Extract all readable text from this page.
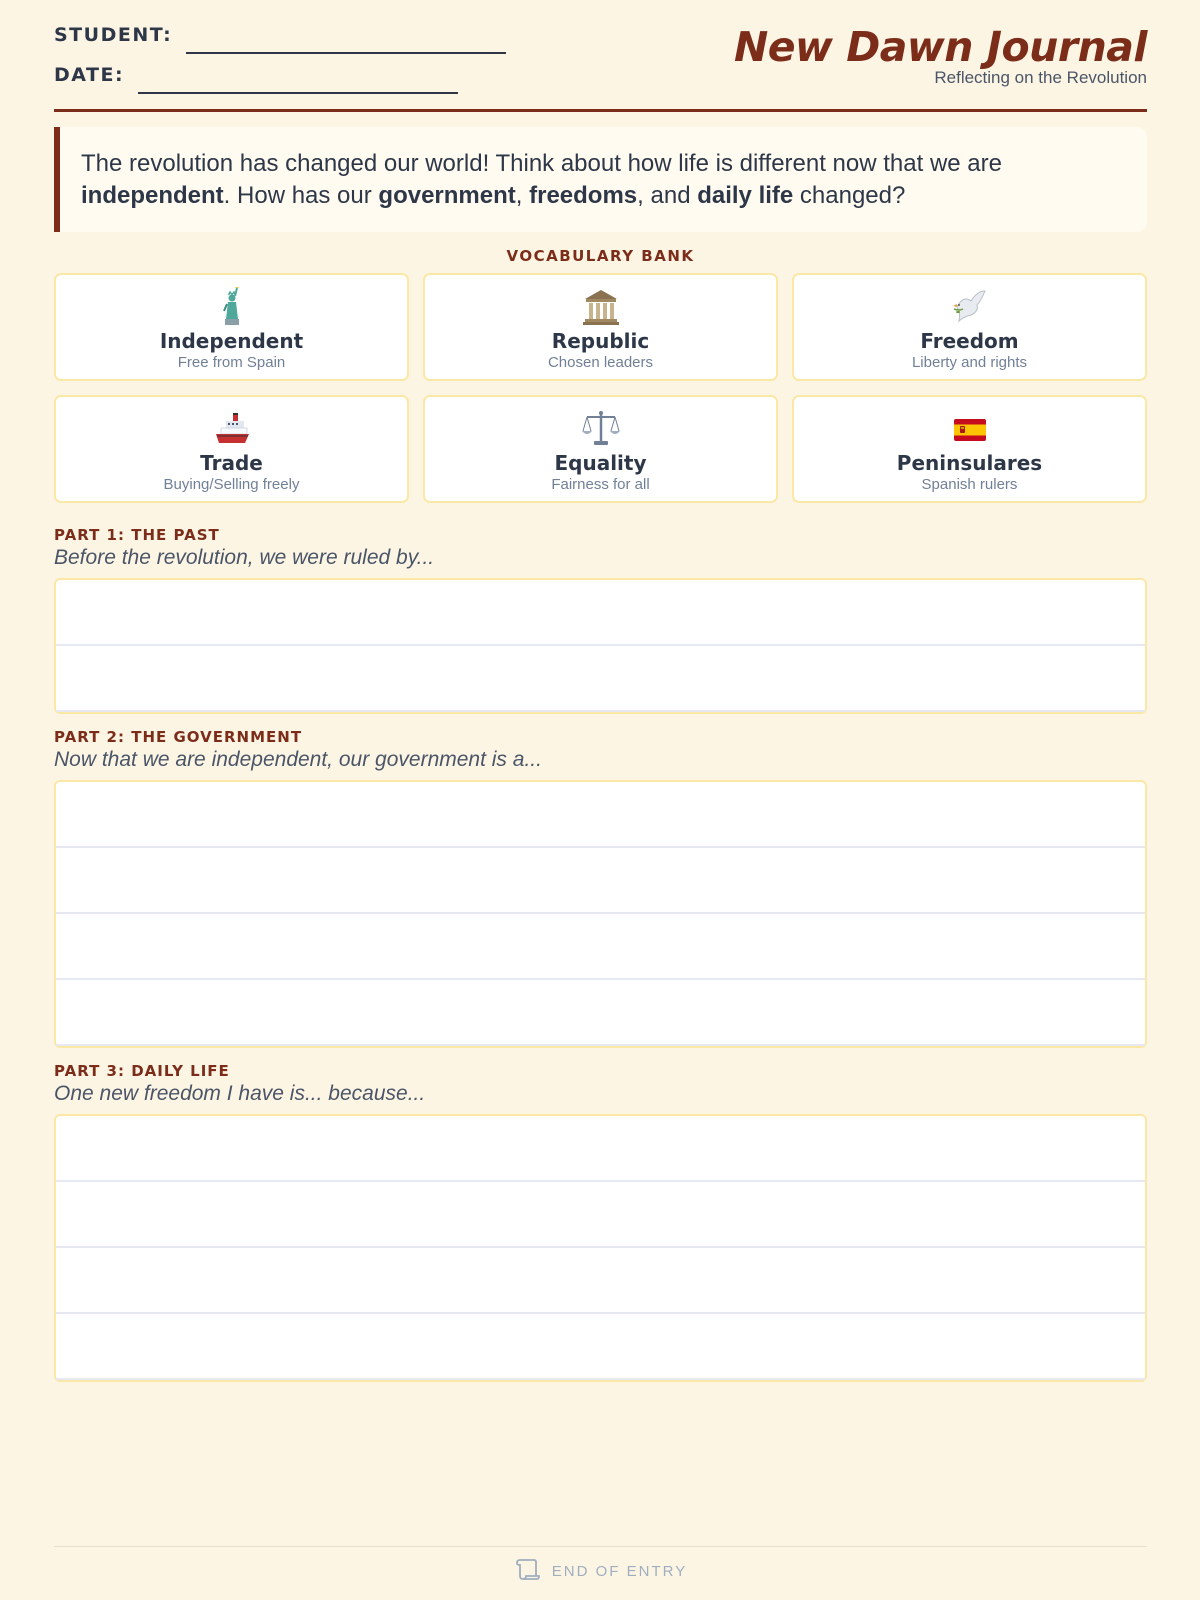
STUDENT:
DATE:
New Dawn Journal
Reflecting on the Revolution
The revolution has changed our world! Think about how life is different now that we are independent. How has our government, freedoms, and daily life changed?
VOCABULARY BANK
Independent
Free from Spain
Republic
Chosen leaders
Freedom
Liberty and rights
Trade
Buying/Selling freely
Equality
Fairness for all
Peninsulares
Spanish rulers
PART 1: THE PAST
Before the revolution, we were ruled by...
PART 2: THE GOVERNMENT
Now that we are independent, our government is a...
PART 3: DAILY LIFE
One new freedom I have is... because...
END OF ENTRY
